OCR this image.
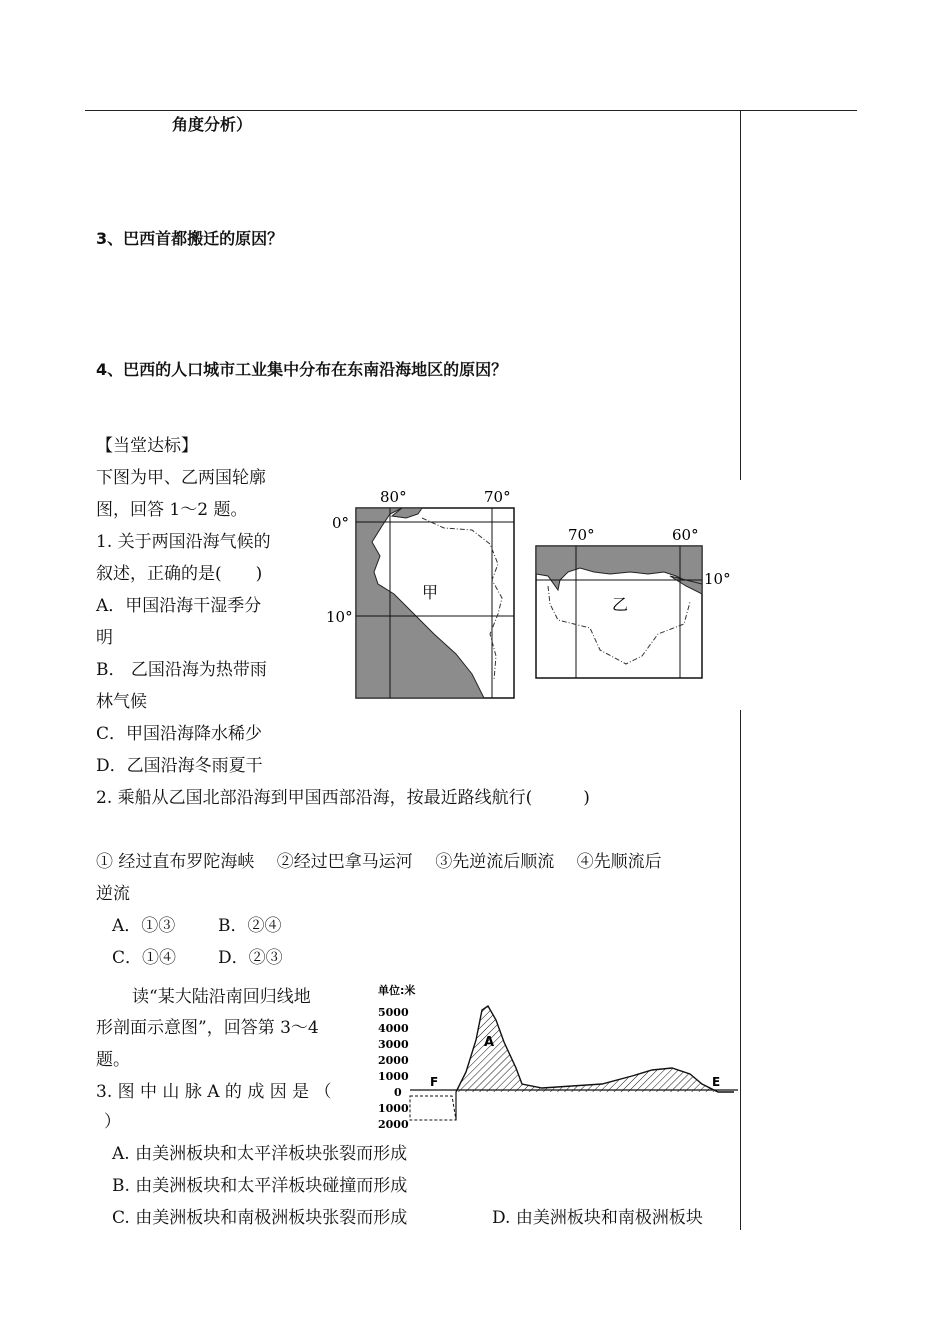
角度分析）
3、巴西首都搬迁的原因？
4、巴西的人口城市工业集中分布在东南沿海地区的原因？
【当堂达标】
下图为甲、乙两国轮廓
图，回答 1～2 题。
1. 关于两国沿海气候的
叙述，正确的是(　　)
A．甲国沿海干湿季分
明
B． 乙国沿海为热带雨
林气候
C．甲国沿海降水稀少
D．乙国沿海冬雨夏干
2. 乘船从乙国北部沿海到甲国西部沿海，按最近路线航行(　　　)
① 经过直布罗陀海峡　 ②经过巴拿马运河　 ③先逆流后顺流　 ④先顺流后
逆流
A．①③	B．②④
C．①④ D．②③
读“某大陆沿南回归线地
形剖面示意图”，回答第 3～4
题。
3. 图 中 山 脉 A 的 成 因 是 （
）
A. 由美洲板块和太平洋板块张裂而形成
B. 由美洲板块和太平洋板块碰撞而形成
C. 由美洲板块和南极洲板块张裂而形成	D. 由美洲板块和南极洲板块
80°	70°
0°
10°
甲
70°	60°
10°
乙
单位:米
5000
4000
3000
2000
1000
0
1000
2000
F	E
A
